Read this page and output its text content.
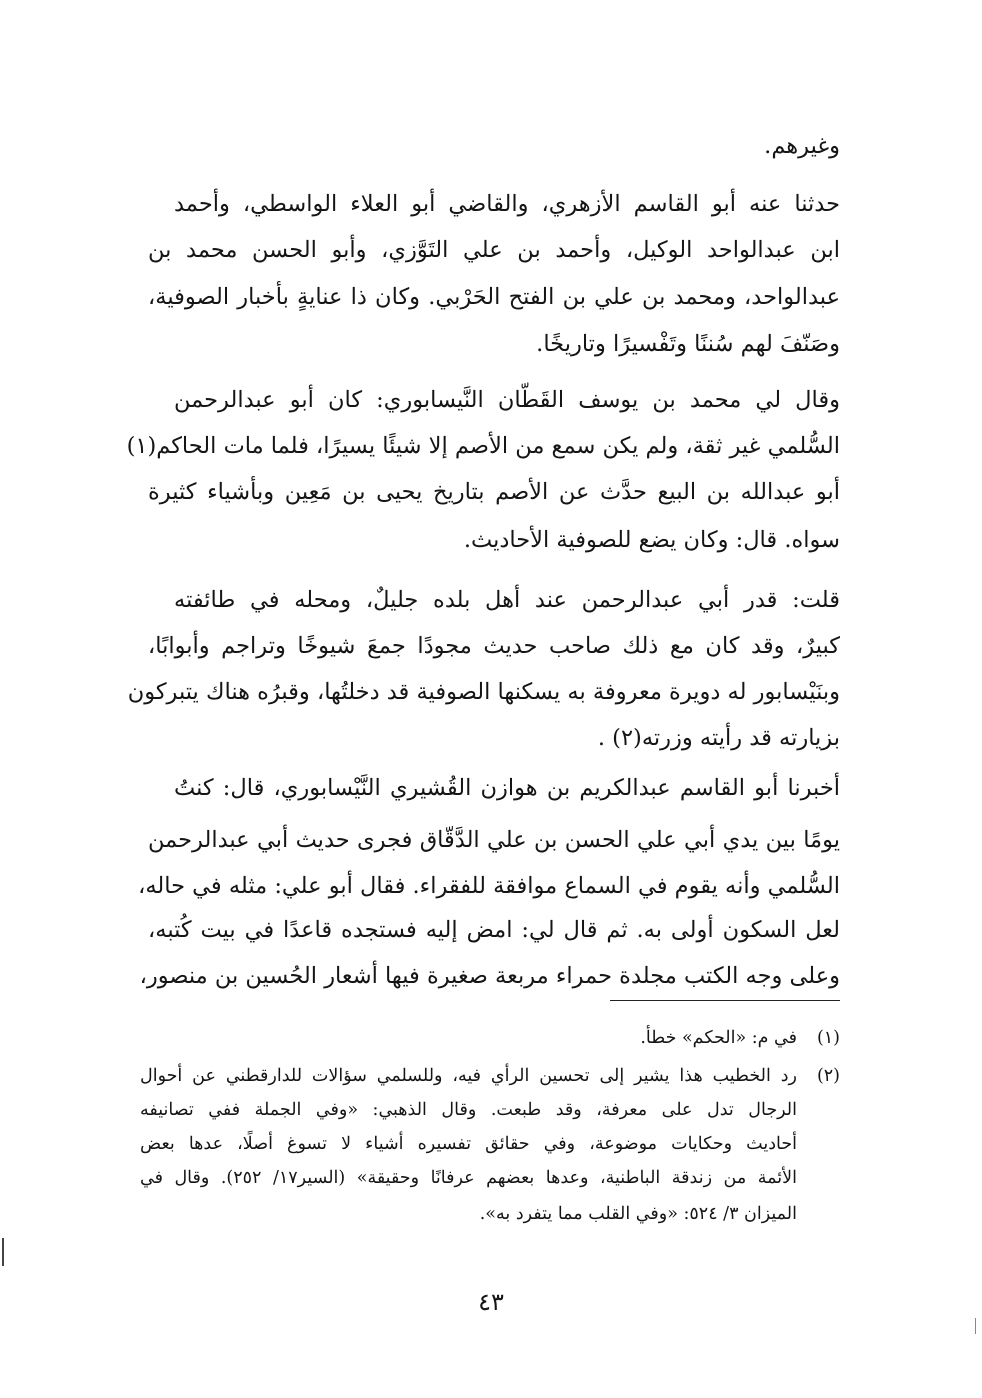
وغيرهم.
حدثنا عنه أبو القاسم الأزهري، والقاضي أبو العلاء الواسطي، وأحمد
ابن عبدالواحد الوكيل، وأحمد بن علي التَوَّزي، وأبو الحسن محمد بن
عبدالواحد، ومحمد بن علي بن الفتح الحَرْبي. وكان ذا عنايةٍ بأخبار الصوفية،
وصَنّفَ لهم سُننًا وتَفْسيرًا وتاريخًا.
وقال لي محمد بن يوسف القَطّان النَّيسابوري: كان أبو عبدالرحمن
السُّلمي غير ثقة، ولم يكن سمع من الأصم إلا شيئًا يسيرًا، فلما مات الحاكم(١)
أبو عبدالله بن البيع حدَّث عن الأصم بتاريخ يحيى بن مَعِين وبأشياء كثيرة
سواه. قال: وكان يضع للصوفية الأحاديث.
قلت: قدر أبي عبدالرحمن عند أهل بلده جليلٌ، ومحله في طائفته
كبيرٌ، وقد كان مع ذلك صاحب حديث مجودًا جمعَ شيوخًا وتراجم وأبوابًا،
وبنَيْسابور له دويرة معروفة به يسكنها الصوفية قد دخلتُها، وقبرُه هناك يتبركون
بزيارته قد رأيته وزرته(٢) .
أخبرنا أبو القاسم عبدالكريم بن هوازن القُشيري النَّيْسابوري، قال: كنتُ
يومًا بين يدي أبي علي الحسن بن علي الدَّقّاق فجرى حديث أبي عبدالرحمن
السُّلمي وأنه يقوم في السماع موافقة للفقراء. فقال أبو علي: مثله في حاله،
لعل السكون أولى به. ثم قال لي: امض إليه فستجده قاعدًا في بيت كُتبه،
وعلى وجه الكتب مجلدة حمراء مربعة صغيرة فيها أشعار الحُسين بن منصور،
(١)
في م: «الحكم» خطأ.
(٢)
رد الخطيب هذا يشير إلى تحسين الرأي فيه، وللسلمي سؤالات للدارقطني عن أحوال
الرجال تدل على معرفة، وقد طبعت. وقال الذهبي: «وفي الجملة ففي تصانيفه
أحاديث وحكايات موضوعة، وفي حقائق تفسيره أشياء لا تسوغ أصلًا، عدها بعض
الأئمة من زندقة الباطنية، وعدها بعضهم عرفانًا وحقيقة» (السير١٧/ ٢٥٢). وقال في
الميزان ٣/ ٥٢٤: «وفي القلب مما يتفرد به».
٤٣
